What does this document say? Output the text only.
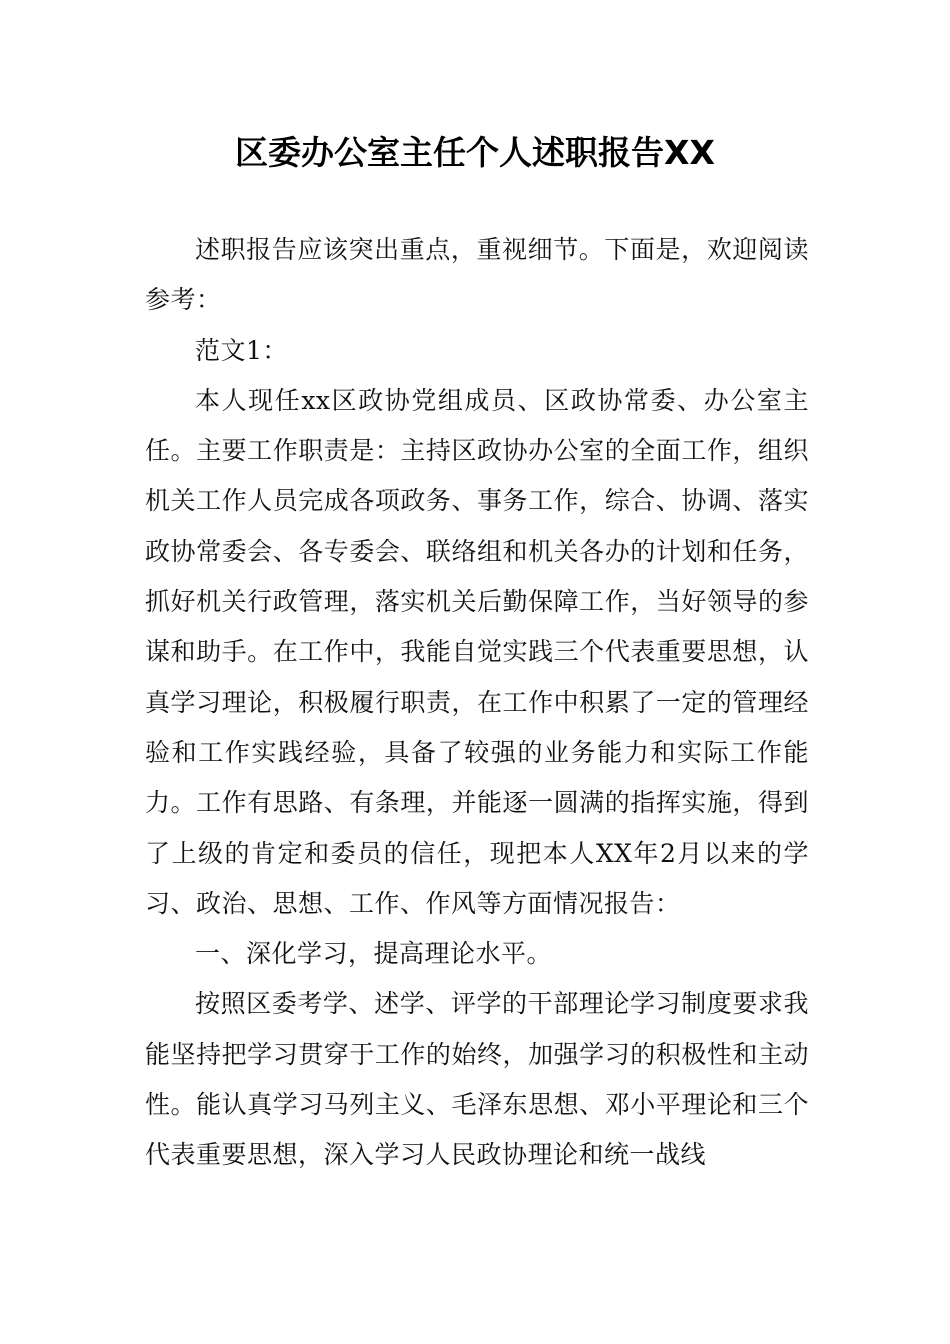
区委办公室主任个人述职报告XX

述职报告应该突出重点，重视细节。下面是，欢迎阅读参考：

范文1：

本人现任xx区政协党组成员、区政协常委、办公室主任。主要工作职责是：主持区政协办公室的全面工作，组织机关工作人员完成各项政务、事务工作，综合、协调、落实政协常委会、各专委会、联络组和机关各办的计划和任务，抓好机关行政管理，落实机关后勤保障工作，当好领导的参谋和助手。在工作中，我能自觉实践三个代表重要思想，认真学习理论，积极履行职责，在工作中积累了一定的管理经验和工作实践经验，具备了较强的业务能力和实际工作能力。工作有思路、有条理，并能逐一圆满的指挥实施，得到了上级的肯定和委员的信任，现把本人XX年2月以来的学习、政治、思想、工作、作风等方面情况报告：

一、深化学习，提高理论水平。

按照区委考学、述学、评学的干部理论学习制度要求我能坚持把学习贯穿于工作的始终，加强学习的积极性和主动性。能认真学习马列主义、毛泽东思想、邓小平理论和三个代表重要思想，深入学习人民政协理论和统一战线
